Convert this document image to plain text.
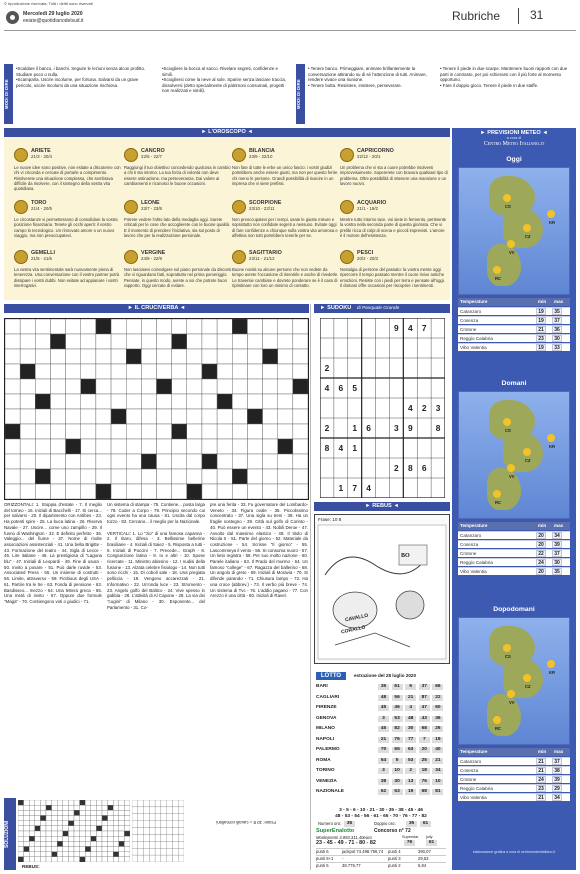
© riproduzione riservata. Tutti i diritti sono riservati
Mercoledì 29 luglio 2020
eeiate@quotidianodelsud.it	Rubriche 31
MODI DI DIRE
•Scaldare il banco, i banchi. Seguire le lezioni senza alcun profitto. Studiare poco o nulla.
•Scamparla. Uscire incolume, per fortuna. Salvarsi da un grave pericolo, uscire incolumi da una situazione rischiosa.
•Sciogliere la bocca al sacco. Rivelare segreti, confidenze e simili.
•Sciogliersi come la neve al sole. Sparire senza lasciare traccia, dissolversi (detto specialmente di patrimoni consumati, progetti non realizzati e simili).	MODI DI DIRE
• Tenere banco. Primeggiare, animare brillantemente la conversazione attirando su di sé l'attenzione di tutti. Animare, rendere vivace una riunione.
• Tenere botta. Resistere, insistere, perseverare.
• Tenere il piede in due scarpe. Mantenere buoni rapporti con due parti in contrasto, per poi schierarsi con il più forte al momento opportuno.
• Fare il doppio gioco. Tenere il piede in due staffe.
► L'OROSCOPO ◄
ARIETE
21/3 - 20/4
Le nuove idee sono positive, non esitate a discuterne con chi vi circonda e cercate di portarle a compimento. Risolverete una situazione complessa, che sembrava difficile da risolvere, con il sostegno della vostra vita quotidiana.
CANCRO
22/6 - 22/7
Raggiungi il tuo obiettivo concedendo qualcosa in cambio a chi ti sta intorno. La tua forza di volontà non deve essere ostinazione, ma perseveranza. Dai valore ai cambiamenti e riconosci le buone occasioni.
BILANCIA
23/9 - 22/10
Non fate di tutte le erbe un unico fascio: i vostri giudizi potrebbero anche essere giusti, ma non per questo ferire chi meno le persone. Grandi possibilità di riuscire in un impresa che vi siete prefissi.
CAPRICORNO
22/12 - 20/1
Un problema che vi sta a cuore potrebbe risolversi improvvisamente. Supererete con bravura qualsiasi tipo di problema. Oltre possibilità di ottenere una mansione o un lavoro nuovo.
TORO
21/4 - 20/5
Le circostanze vi permetteranno di consolidare la vostra posizione finanziaria. Tenete gli occhi aperti: il vostro campo lo tecnologico. Un rinnovato amore o un nuovo viaggio, ma non preoccupatevi.
LEONE
23/7 - 23/8
Potrete vedere l'altro lato della medaglia oggi. Sarete criticati per le cose che accoglierete con le buone qualità. E il momento di prendere l'iniziativa, sia sul posto di lavoro che per la realizzazione personale.
SCORPIONE
23/10 - 22/11
Non preoccupatevi per i tempi, usate le giuste misure e soprattutto non confidate segreti a nessuno. Evitate oggi di fare confidenze a chiunque sulla vostra vita amorosa e affettiva non tutti potrebbero tenerle per se.
ACQUARIO
21/1 - 19/2
Mentre tutto intorno tace, voi siete in fermento, pertinente la vostra nella seconda parte di questa giornata. Che vi prelibi ricca di colpi di scena e piccoli imprevisti. L'amore è il motore dell'esistenza.
GEMELLI
21/5 - 21/6
La vostra vita sentimentale sarà nuovamente piena di tenerezza. Una conversazione con il vostro partner potrà dissipare i vostri dubbi. Non esitate ad appianare i vostri interrogativi.
VERGINE
24/8 - 22/9
Non lasciatevi coinvolgere sul piano personale da discorsi che vi riguardano fatti, soprattutto nel prima pomeriggio. Pensate, in questo modo, avrete a voi che potrete buon rapporto. Oggi cercate di evitare.
SAGITTARIO
23/11 - 21/12
Buone novità su alcune persone che non vedete da tempo avrete l'occasione di risentirle e anche di rivederle. Le traversie cambiate e dovrete ponderare se è il caso di ripristinare con loro un minimo di contatto.
PESCI
20/2 - 20/3
Nostalgia di persone del passato: la vostra mente oggi ripercorre il tempo passato mentre il cuore rivive antiche emozioni. Resiste con i piedi per terra e pensate all'oggi. Il domani offre occasioni per riscoprire i sentimenti.
► PREVISIONI METEO ◄
a cura di
Centro Meteo Italiano.it
Oggi
CS
KR
CZ
VV
RC
Temperature	min max
Catanzaro	19	35
Cosenza	19	37
Crotone	21	36
Reggio Calabria	23	30
Vibo Valentia	19	33
Domani
CS
KR
CZ
VV
RC
Temperature	min max
Catanzaro	20	34
Cosenza	20	39
Crotone	22	37
Reggio Calabria	24	30
Vibo Valentia	20	35
Dopodomani
CS
KR
CZ
VV
RC
Temperature	min max
Catanzaro	21	37
Cosenza	21	38
Crotone	24	39
Reggio Calabria	23	29
Vibo Valentia	21	34
elaborazione grafica a cura di centrometeoitaliano.it
► IL CRUCIVERBA ◄
ORIZZONTALI: 1. Stoppia d'estate - 7. Il meglio del torneo - 16. Iniziali di Bacchelli - 17. Si cerca... per salvarsi - 20. Il dipartimento con Antibes - 23. Ha potenti spire - 25. La buca latina - 26. Riserva Navale - 27. Uscire... come uno zampillo - 29. Il funno di Washington - 32. E definito perfetto - 36. Valeggio... del fiume - 37. Nome di molte associazioni assistenziali - 41. Una bella Brigitte - 43. Formazione del teatro - 44. Sigla di Lecce - 45. Lire italiane - 46. La prestigiosa di "Laguna blu" - 47. Iniziali di Leopardi - 49. Fine di usura - 50. Invito a posare - 51. Può darle ruvide - 53. Associated Press - 55. Un insieme di costrutti - 56. Limite, attraverso - 59. Fictitious degli USA - 61. Partire tra le tre - 63. Fonda di pensione - 63. Basdisseo... mezzo - 64. Una lettera greca - 65. Una metà di invito - 67. Oppure due formule "Maga" - 70. Contiengono voti o giudici - 71.
Un sistema di stampa - 75. Contiene... posta larga - 78. Coder a Corpo - 79. Principio secondo cui ogni evento ha una causa - 81. Uscita dal corpo tozzo - 82. Cercano... il meglio per la Nazionale.

VERTICALI: 1. Lo "zio" di una famosa capanna - 2. Il ritaro, difesa - 3. Bellissime bellerine brasiliane - 4. Iniziali di Saiez - 5. Risposta a tutti - 6. Iniziali di Puccini - 7. Precede... Graph - 8. Congiunzione latina - 9. Io e altri - 10. Spose ricercate - 11. Ministro abissino - 12. I nudisi della fusione - 13. Alzata celebre fisiologo - 14. Non tutti sono ricchi - 15. Di coboli sale - 18. Una pregiata pelliccia - 19. Vengono accarezzati - 21. Informativo - 22. Un'onda luce - 23. Strumento - 23. Angelo golfo del Baltico - 24. Vive spesso in gabbia - 28. L'attività di Al Capone - 29. La via dei "cugini" di Milano - 30. Esponente... del Parlamento - 31. Co-
pre una ferita - 33. Fu governatore del Lombardo-Veneto - 34. Figura ovale - 35. Piccolissimo concentrato - 37. Una sigla su treni - 38. Ha un fragile sostegno - 39. Città sul golfo di Corinto - 40. Può essere un evento - 43. Nobili Deroe - 47. Avvolto dal massimo elastico - 48. Il titolo di Nicola II - 51. Parte del giorno - 52. Materiale da costruzione - 54. Scrisse "Il giorno" - 55. Lascommeya il vento - 56. Si consuma nuoro - 57. Un lieto registra - 58. Per suo molto nazione - 60. Panele italiano - 63. Il Prado del murmo - 64. Un famoso "college" - 67. Ragazza del ballerino - 68. Un angolo di greto - 69. Iniziali di Moravia - 70. Si difende parando - 71. Chiusura lampo - 72. Ha una croce (abbrev.) - 73. Il verbo più breve - 74. Un sistema di Tvc - 76. L'addio pagano - 77. Con Arezzo è una città - 80. Iniziali di Ravel.
SOLUZIONI
REBUS:
Frase: 10 8 = cavalli cornalloni
► SUDOKU di Pasquale Grande
9	4	7
2
4	6	5
4	2	3
2	1	6	3	9	8
8	4	1
2	8	6
1	7	4
► REBUS ◄
Frase: 10 8
BO
CAVALLO
CORALLO
LOTTO	estrazione del 28 luglio 2020
BARI	35	61	6	37	66
CAGLIARI	48	56	21	87	22
FIRENZE	45	46	4	47	60
GENOVA	3	53	48	43	36
MILANO	45	82	30	68	26
NAPOLI	21	76	77	7	19
PALERMO	70	65	63	20	40
ROMA	54	5	53	25	21
TORINO	3	10	2	18	34
VENEZIA	38	30	13	76	10
NAZIONALE	62	53	19	68	81
3 - 5 - 6 - 10 - 21 - 30 - 35 - 38 - 45 - 46
48 - 53 - 54 - 56 - 61 - 65 - 70 - 76 - 77 - 82
Numero oro:	35	Doppio oro:	35	61
SuperEnalotto	Concorso n° 72
Montepremi 3.893.311,40euro	Superstar jolly
23 - 45 - 49 - 71 - 80 - 82	76	61
punti 6	jackpot 74.498.756,74 punti 4	390,07
punti 5+1 -	punti 3	29,53
punti 5	38.779,77	punti 2	5,84
